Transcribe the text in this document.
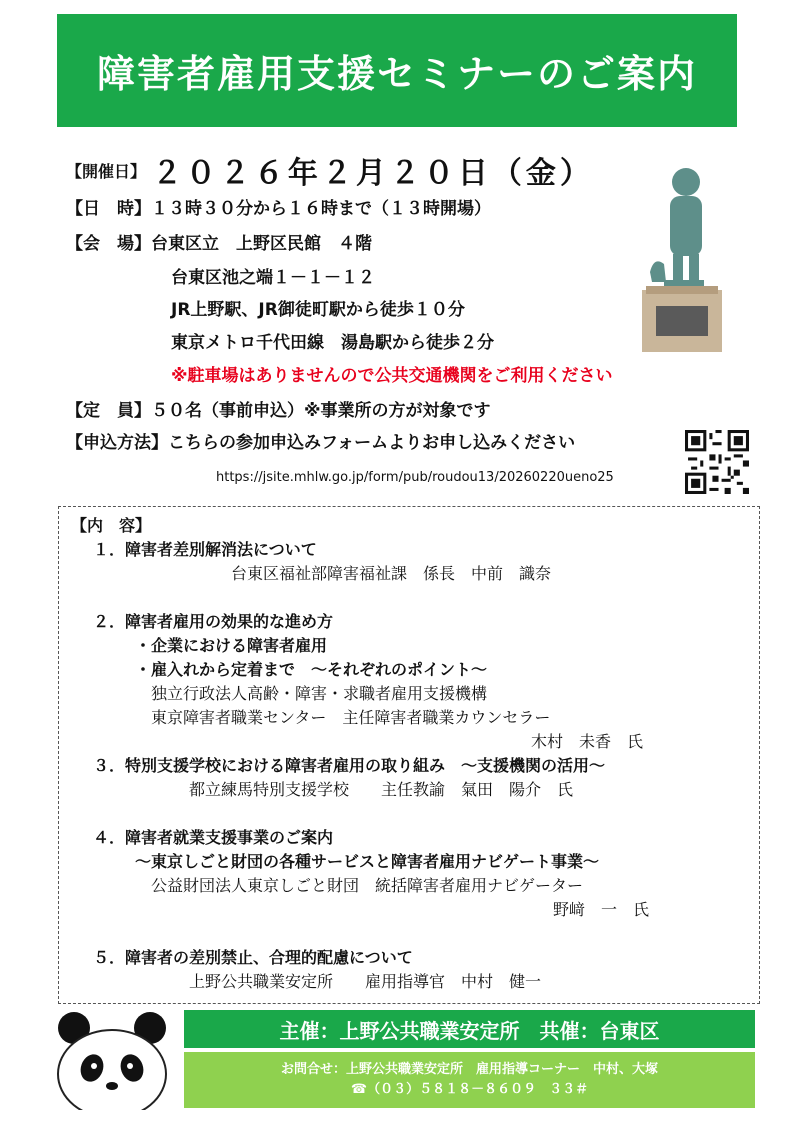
障害者雇用支援セミナーのご案内
【開催日】 ２０２６年２月２０日（金）
【日　時】１３時３０分から１６時まで（１３時開場）
【会　場】台東区立　上野区民館　４階
台東区池之端１－１－１２
JR上野駅、JR御徒町駅から徒歩１０分
東京メトロ千代田線　湯島駅から徒歩２分
※駐車場はありませんので公共交通機関をご利用ください
【定　員】５０名（事前申込）※事業所の方が対象です
【申込方法】こちらの参加申込みフォームよりお申し込みください
https://jsite.mhlw.go.jp/form/pub/roudou13/20260220ueno25
【内　容】
１．障害者差別解消法について
台東区福祉部障害福祉課　係長　中前　識奈
２．障害者雇用の効果的な進め方
・企業における障害者雇用
・雇入れから定着まで　～それぞれのポイント～
独立行政法人高齢・障害・求職者雇用支援機構
東京障害者職業センター　主任障害者職業カウンセラー
木村　未香　氏
３．特別支援学校における障害者雇用の取り組み　～支援機関の活用～
都立練馬特別支援学校　　主任教諭　氣田　陽介　氏
４．障害者就業支援事業のご案内
～東京しごと財団の各種サービスと障害者雇用ナビゲート事業～
公益財団法人東京しごと財団　統括障害者雇用ナビゲーター
野﨑　一　氏
５．障害者の差別禁止、合理的配慮について
上野公共職業安定所　　雇用指導官　中村　健一
主催：上野公共職業安定所　共催：台東区
お問合せ：上野公共職業安定所　雇用指導コーナー　中村、大塚
☎（０３）５８１８－８６０９　３３＃
